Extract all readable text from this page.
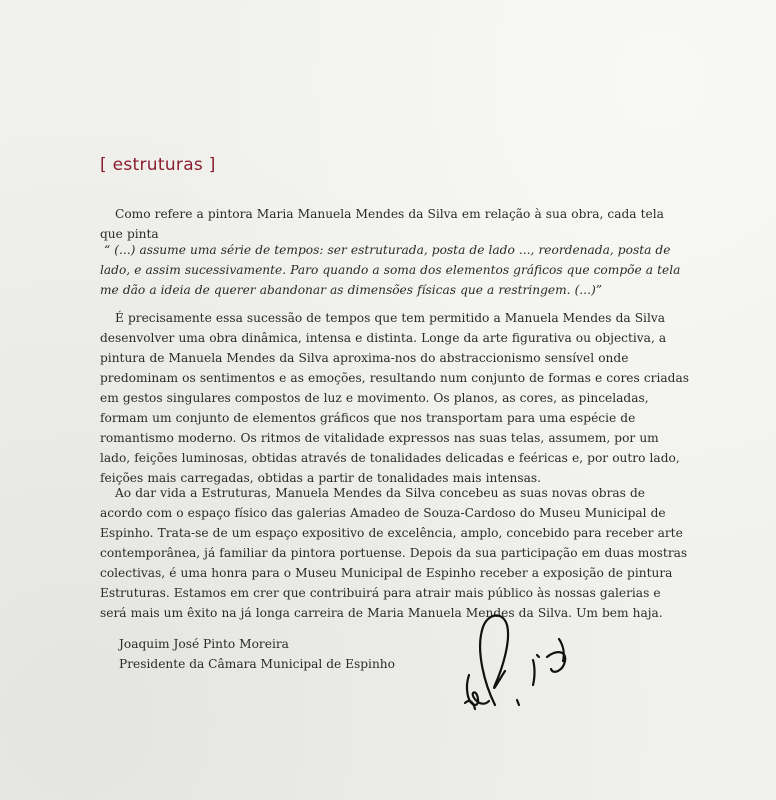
[ estruturas ]

Como refere a pintora Maria Manuela Mendes da Silva em relação à sua obra, cada tela que pinta

“ (...) assume uma série de tempos: ser estruturada, posta de lado ..., reordenada, posta de lado, e assim sucessivamente. Paro quando a soma dos elementos gráficos que compõe a tela me dão a ideia de querer abandonar as dimensões físicas que a restringem. (...)”

É precisamente essa sucessão de tempos que tem permitido a Manuela Mendes da Silva desenvolver uma obra dinâmica, intensa e distinta. Longe da arte figurativa ou objectiva, a pintura de Manuela Mendes da Silva aproxima-nos do abstraccionismo sensível onde predominam os sentimentos e as emoções, resultando num conjunto de formas e cores criadas em gestos singulares compostos de luz e movimento. Os planos, as cores, as pinceladas, formam um conjunto de elementos gráficos que nos transportam para uma espécie de romantismo moderno. Os ritmos de vitalidade expressos nas suas telas, assumem, por um lado, feições luminosas, obtidas através de tonalidades delicadas e feéricas e, por outro lado, feições mais carregadas, obtidas a partir de tonalidades mais intensas.

Ao dar vida a Estruturas, Manuela Mendes da Silva concebeu as suas novas obras de acordo com o espaço físico das galerias Amadeo de Souza-Cardoso do Museu Municipal de Espinho. Trata-se de um espaço expositivo de excelência, amplo, concebido para receber arte contemporânea, já familiar da pintora portuense. Depois da sua participação em duas mostras colectivas, é uma honra para o Museu Municipal de Espinho receber a exposição de pintura Estruturas. Estamos em crer que contribuirá para atrair mais público às nossas galerias e será mais um êxito na já longa carreira de Maria Manuela Mendes da Silva. Um bem haja.

Joaquim José Pinto Moreira
Presidente da Câmara Municipal de Espinho
